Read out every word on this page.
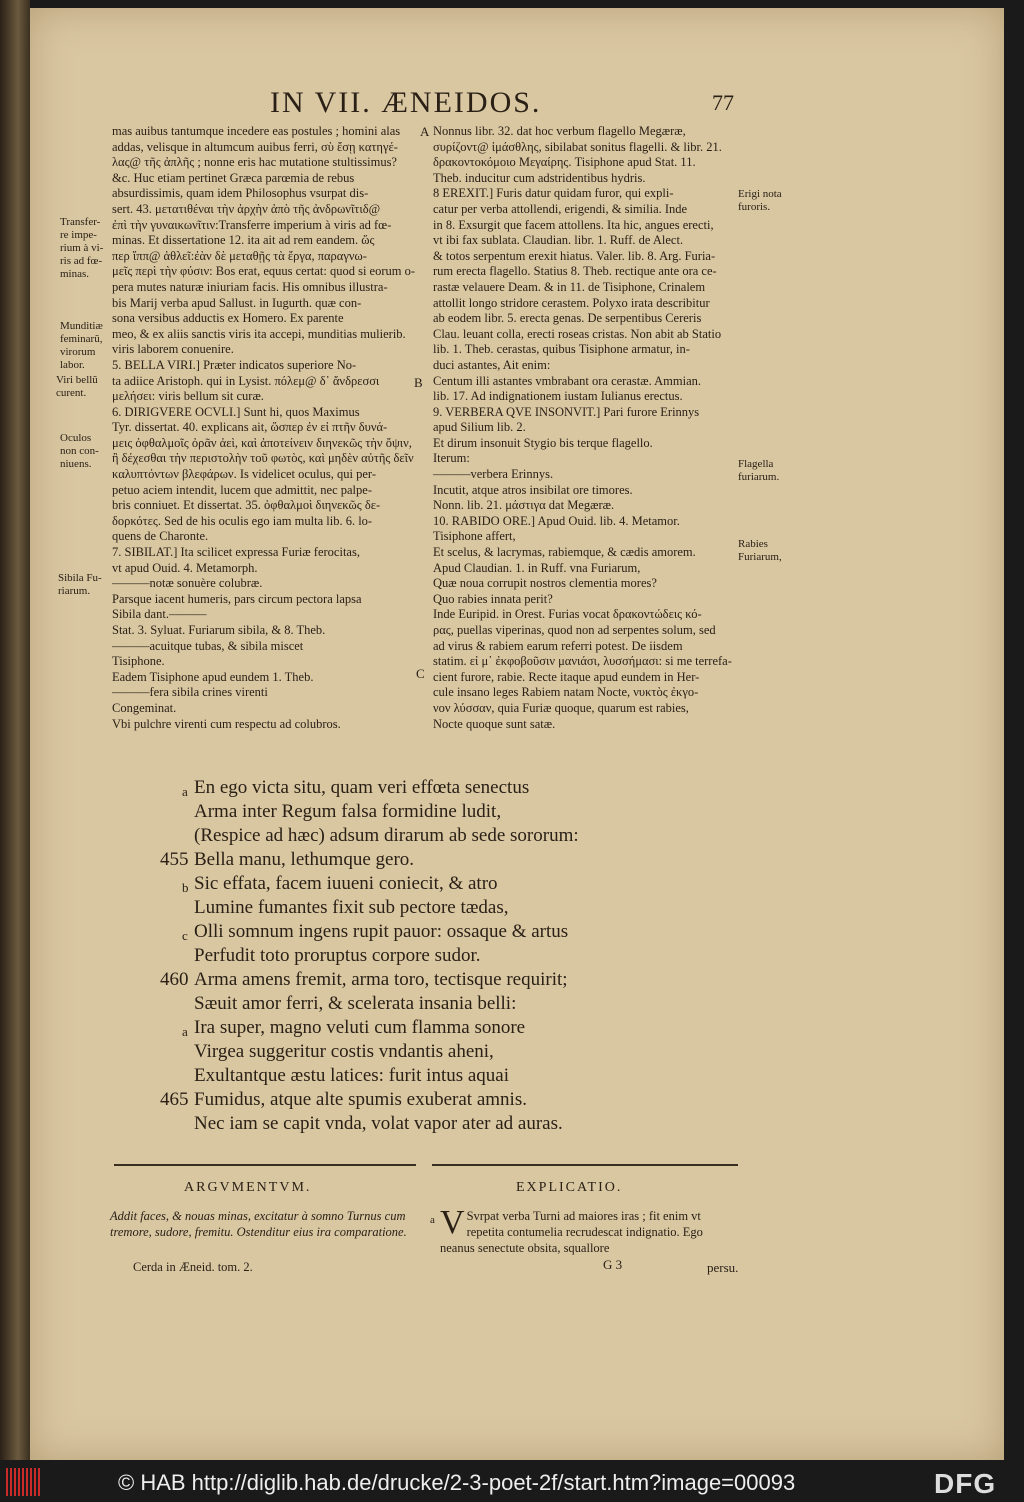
IN VII. ÆNEIDOS.	77

mas auibus tantumque incedere eas postules ; homini alas

addas, velisque in altumcum auibus ferri, σὺ ἔσῃ κατηγέ-

λας@ τῆς ἀπλῆς ; nonne eris hac mutatione stultissimus?

&c. Huc etiam pertinet Græca parœmia de rebus

absurdissimis, quam idem Philosophus vsurpat dis-

sert. 43. μετατιθέναι τὴν ἀρχὴν ἀπὸ τῆς ἀνδρωνῖτιδ@

ἐπὶ τὴν γυναικωνῖτιν:Transferre imperium à viris ad fœ-

minas. Et dissertatione 12. ita ait ad rem eandem. ὥς

περ ἵππ@ ἀθλεῖ:ἐὰν δὲ μεταθῇς τὰ ἔργα, παραγνω-

μεῖς περὶ τὴν φύσιν: Bos erat, equus certat: quod si eorum o-

pera mutes naturæ iniuriam facis. His omnibus illustra-

bis Marij verba apud Sallust. in Iugurth. quæ con-

sona versibus adductis ex Homero. Ex parente

meo, & ex aliis sanctis viris ita accepi, munditias mulierib.

viris laborem conuenire.

5. BELLA VIRI.] Præter indicatos superiore No-

ta adiice Aristoph. qui in Lysist. πόλεμ@ δ᾽ ἄνδρεσσι

μελήσει: viris bellum sit curæ.

6. DIRIGVERE OCVLI.] Sunt hi, quos Maximus

Tyr. dissertat. 40. explicans ait, ὥσπερ ἐν εἰ πτῆν δυνά-

μεις ὀφθαλμοῖς ὀρᾶν ἀεὶ, καὶ ἀποτείνειν διηνεκῶς τὴν ὄψιν,

ἢ δέχεσθαι τὴν περιστολὴν τοῦ φωτὸς, καὶ μηδὲν αὐτῆς δεῖν

καλυπτόντων βλεφάρων. Is videlicet oculus, qui per-

petuo aciem intendit, lucem que admittit, nec palpe-

bris conniuet. Et dissertat. 35. ὀφθαλμοὶ διηνεκῶς δε-

δορκότες. Sed de his oculis ego iam multa lib. 6. lo-

quens de Charonte.

7. SIBILAT.] Ita scilicet expressa Furiæ ferocitas,

vt apud Ouid. 4. Metamorph.

———notæ sonuère colubræ.

Parsque iacent humeris, pars circum pectora lapsa

Sibila dant.———

Stat. 3. Syluat. Furiarum sibila, & 8. Theb.

———acuitque tubas, & sibila miscet

Tisiphone.

Eadem Tisiphone apud eundem 1. Theb.

———fera sibila crines virenti

Congeminat.

Vbi pulchre virenti cum respectu ad colubros.

Nonnus libr. 32. dat hoc verbum flagello Megæræ,

συρίζοντ@ ἱμάσθλης, sibilabat sonitus flagelli. & libr. 21.

δρακοντοκόμοιο Μεγαίρης. Tisiphone apud Stat. 11.

Theb. inducitur cum adstridentibus hydris.

8 EREXIT.] Furis datur quidam furor, qui expli-

catur per verba attollendi, erigendi, & similia. Inde

in 8. Exsurgit que facem attollens. Ita hic, angues erecti,

vt ibi fax sublata. Claudian. libr. 1. Ruff. de Alect.

& totos serpentum erexit hiatus. Valer. lib. 8. Arg. Furia-

rum erecta flagello. Statius 8. Theb. rectique ante ora ce-

rastæ velauere Deam. & in 11. de Tisiphone, Crinalem

attollit longo stridore cerastem. Polyxo irata describitur

ab eodem libr. 5. erecta genas. De serpentibus Cereris

Clau. leuant colla, erecti roseas cristas. Non abit ab Statio

lib. 1. Theb. cerastas, quibus Tisiphone armatur, in-

duci astantes, Ait enim:

Centum illi astantes vmbrabant ora cerastæ. Ammian.

lib. 17. Ad indignationem iustam Iulianus erectus.

9. VERBERA QVE INSONVIT.] Pari furore Erinnys

apud Silium lib. 2.

Et dirum insonuit Stygio bis terque flagello.

Iterum:

———verbera Erinnys.

Incutit, atque atros insibilat ore timores.

Nonn. lib. 21. μάστιγα dat Megæræ.

10. RABIDO ORE.] Apud Ouid. lib. 4. Metamor.

Tisiphone affert,

Et scelus, & lacrymas, rabiemque, & cædis amorem.

Apud Claudian. 1. in Ruff. vna Furiarum,

Quæ noua corrupit nostros clementia mores?

Quo rabies innata perit?

Inde Euripid. in Orest. Furias vocat δρακοντώδεις κό-

ρας, puellas viperinas, quod non ad serpentes solum, sed

ad virus & rabiem earum referri potest. De iisdem

statim. εἰ μ᾽ ἐκφοβοῦσιν μανιάσι, λυσσήμασι: si me terrefa-

cient furore, rabie. Recte itaque apud eundem in Her-

cule insano leges Rabiem natam Nocte, νυκτὸς ἐκγο-

νον λύσσαν, quia Furiæ quoque, quarum est rabies,

Nocte quoque sunt satæ.

A
B
C
Transfer-
re impe-
rium à vi-
ris ad fœ-
minas.
Munditiæ
feminarũ,
virorum
labor.
Viri bellũ
curent.
Oculos
non con-
niuens.
Sibila Fu-
riarum.
Erigi nota
furoris.
Flagella
furiarum.
Rabies
Furiarum,
a En ego victa situ, quam veri effœta senectus
Arma inter Regum falsa formidine ludit,
(Respice ad hæc) adsum dirarum ab sede sororum:
455 Bella manu, lethumque gero.
b Sic effata, facem iuueni coniecit, & atro
Lumine fumantes fixit sub pectore tædas,
c Olli somnum ingens rupit pauor: ossaque & artus
Perfudit toto proruptus corpore sudor.
460 Arma amens fremit, arma toro, tectisque requirit;
Sæuit amor ferri, & scelerata insania belli:
a Ira super, magno veluti cum flamma sonore
Virgea suggeritur costis vndantis aheni,
Exultantque æstu latices: furit intus aquai
465 Fumidus, atque alte spumis exuberat amnis.
Nec iam se capit vnda, volat vapor ater ad auras.
ARGVMENTVM.	EXPLICATIO.
Addit faces, & nouas minas, excitatur à somno Turnus cum tremore, sudore, fremitu. Ostenditur eius ira comparatione.
Cerda in Æneid. tom. 2.
a V Svrpat verba Turni ad maiores iras ; fit enim vt repetita contumelia recrudescat indignatio. Ego neanus senectute obsita, squallore
G 3	persu.
© HAB http://diglib.hab.de/drucke/2-3-poet-2f/start.htm?image=00093	DFG
